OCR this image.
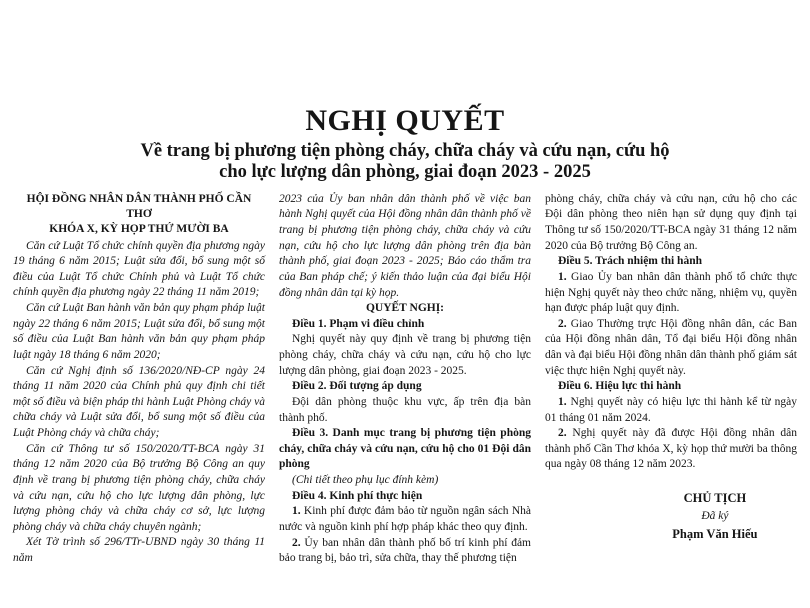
NGHỊ QUYẾT
Về trang bị phương tiện phòng cháy, chữa cháy và cứu nạn, cứu hộ
cho lực lượng dân phòng, giai đoạn 2023 - 2025
HỘI ĐỒNG NHÂN DÂN THÀNH PHỐ CẦN THƠ
KHÓA X, KỲ HỌP THỨ MƯỜI BA

Căn cứ Luật Tổ chức chính quyền địa phương ngày 19 tháng 6 năm 2015; Luật sửa đổi, bổ sung một số điều của Luật Tổ chức Chính phủ và Luật Tổ chức chính quyền địa phương ngày 22 tháng 11 năm 2019;

Căn cứ Luật Ban hành văn bản quy phạm pháp luật ngày 22 tháng 6 năm 2015; Luật sửa đổi, bổ sung một số điều của Luật Ban hành văn bản quy phạm pháp luật ngày 18 tháng 6 năm 2020;

Căn cứ Nghị định số 136/2020/NĐ-CP ngày 24 tháng 11 năm 2020 của Chính phủ quy định chi tiết một số điều và biện pháp thi hành Luật Phòng cháy và chữa cháy và Luật sửa đổi, bổ sung một số điều của Luật Phòng cháy và chữa cháy;

Căn cứ Thông tư số 150/2020/TT-BCA ngày 31 tháng 12 năm 2020 của Bộ trưởng Bộ Công an quy định về trang bị phương tiện phòng cháy, chữa cháy và cứu nạn, cứu hộ cho lực lượng dân phòng, lực lượng phòng cháy và chữa cháy cơ sở, lực lượng phòng cháy và chữa cháy chuyên ngành;

Xét Tờ trình số 296/TTr-UBND ngày 30 tháng 11 năm

2023 của Ủy ban nhân dân thành phố về việc ban hành Nghị quyết của Hội đồng nhân dân thành phố về trang bị phương tiện phòng cháy, chữa cháy và cứu nạn, cứu hộ cho lực lượng dân phòng trên địa bàn thành phố, giai đoạn 2023 - 2025; Báo cáo thẩm tra của Ban pháp chế; ý kiến thảo luận của đại biểu Hội đồng nhân dân tại kỳ họp.

QUYẾT NGHỊ:

Điều 1. Phạm vi điều chỉnh

Nghị quyết này quy định về trang bị phương tiện phòng cháy, chữa cháy và cứu nạn, cứu hộ cho lực lượng dân phòng, giai đoạn 2023 - 2025.

Điều 2. Đối tượng áp dụng

Đội dân phòng thuộc khu vực, ấp trên địa bàn thành phố.

Điều 3. Danh mục trang bị phương tiện phòng cháy, chữa cháy và cứu nạn, cứu hộ cho 01 Đội dân phòng

(Chi tiết theo phụ lục đính kèm)

Điều 4. Kinh phí thực hiện

1. Kinh phí được đảm bảo từ nguồn ngân sách Nhà nước và nguồn kinh phí hợp pháp khác theo quy định.

2. Ủy ban nhân dân thành phố bố trí kinh phí đảm bảo trang bị, bảo trì, sửa chữa, thay thế phương tiện

phòng cháy, chữa cháy và cứu nạn, cứu hộ cho các Đội dân phòng theo niên hạn sử dụng quy định tại Thông tư số 150/2020/TT-BCA ngày 31 tháng 12 năm 2020 của Bộ trưởng Bộ Công an.

Điều 5. Trách nhiệm thi hành

1. Giao Ủy ban nhân dân thành phố tổ chức thực hiện Nghị quyết này theo chức năng, nhiệm vụ, quyền hạn được pháp luật quy định.

2. Giao Thường trực Hội đồng nhân dân, các Ban của Hội đồng nhân dân, Tổ đại biểu Hội đồng nhân dân và đại biểu Hội đồng nhân dân thành phố giám sát việc thực hiện Nghị quyết này.

Điều 6. Hiệu lực thi hành

1. Nghị quyết này có hiệu lực thi hành kể từ ngày 01 tháng 01 năm 2024.

2. Nghị quyết này đã được Hội đồng nhân dân thành phố Cần Thơ khóa X, kỳ họp thứ mười ba thông qua ngày 08 tháng 12 năm 2023.

CHỦ TỊCH
Đã ký
Phạm Văn Hiếu
